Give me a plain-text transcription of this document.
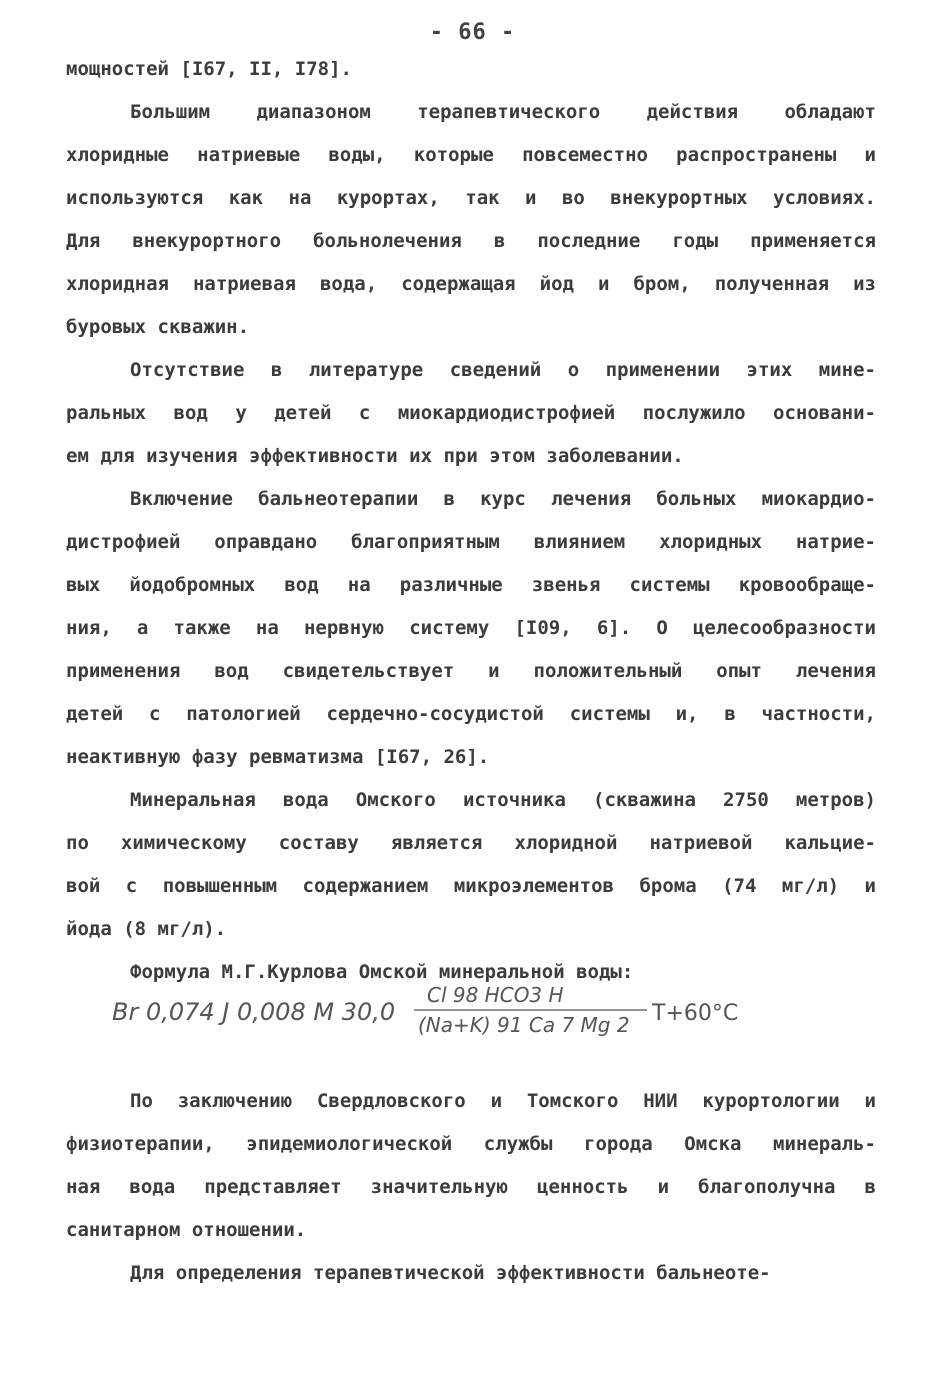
- 66 -
мощностей [I67, II, I78].
Большим диапазоном терапевтического действия обладают
хлоридные натриевые воды, которые повсеместно распространены и
используются как на курортах, так и во внекурортных условиях.
Для внекурортного больнолечения в последние годы применяется
хлоридная натриевая вода, содержащая йод и бром, полученная из
буровых скважин.
Отсутствие в литературе сведений о применении этих мине-
ральных вод у детей с миокардиодистрофией послужило основани-
ем для изучения эффективности их при этом заболевании.
Включение бальнеотерапии в курс лечения больных миокардио-
дистрофией оправдано благоприятным влиянием хлоридных натрие-
вых йодобромных вод на различные звенья системы кровообраще-
ния, а также на нервную систему [I09, 6]. О целесообразности
применения вод свидетельствует и положительный опыт лечения
детей с патологией сердечно-сосудистой системы и, в частности,
неактивную фазу ревматизма [I67, 26].
Минеральная вода Омского источника (скважина 2750 метров)
по химическому составу является хлоридной натриевой кальцие-
вой с повышенным содержанием микроэлементов брома (74 мг/л) и
йода (8 мг/л).
Формула М.Г.Курлова Омской минеральной воды:
По заключению Свердловского и Томского НИИ курортологии и
физиотерапии, эпидемиологической службы города Омска минераль-
ная вода представляет значительную ценность и благополучна в
санитарном отношении.
Для определения терапевтической эффективности бальнеоте-
Br 0,074 J 0,008 M 30,0
Cl 98 HCO3 H
(Na+K) 91 Ca 7 Mg 2 T+60°C
